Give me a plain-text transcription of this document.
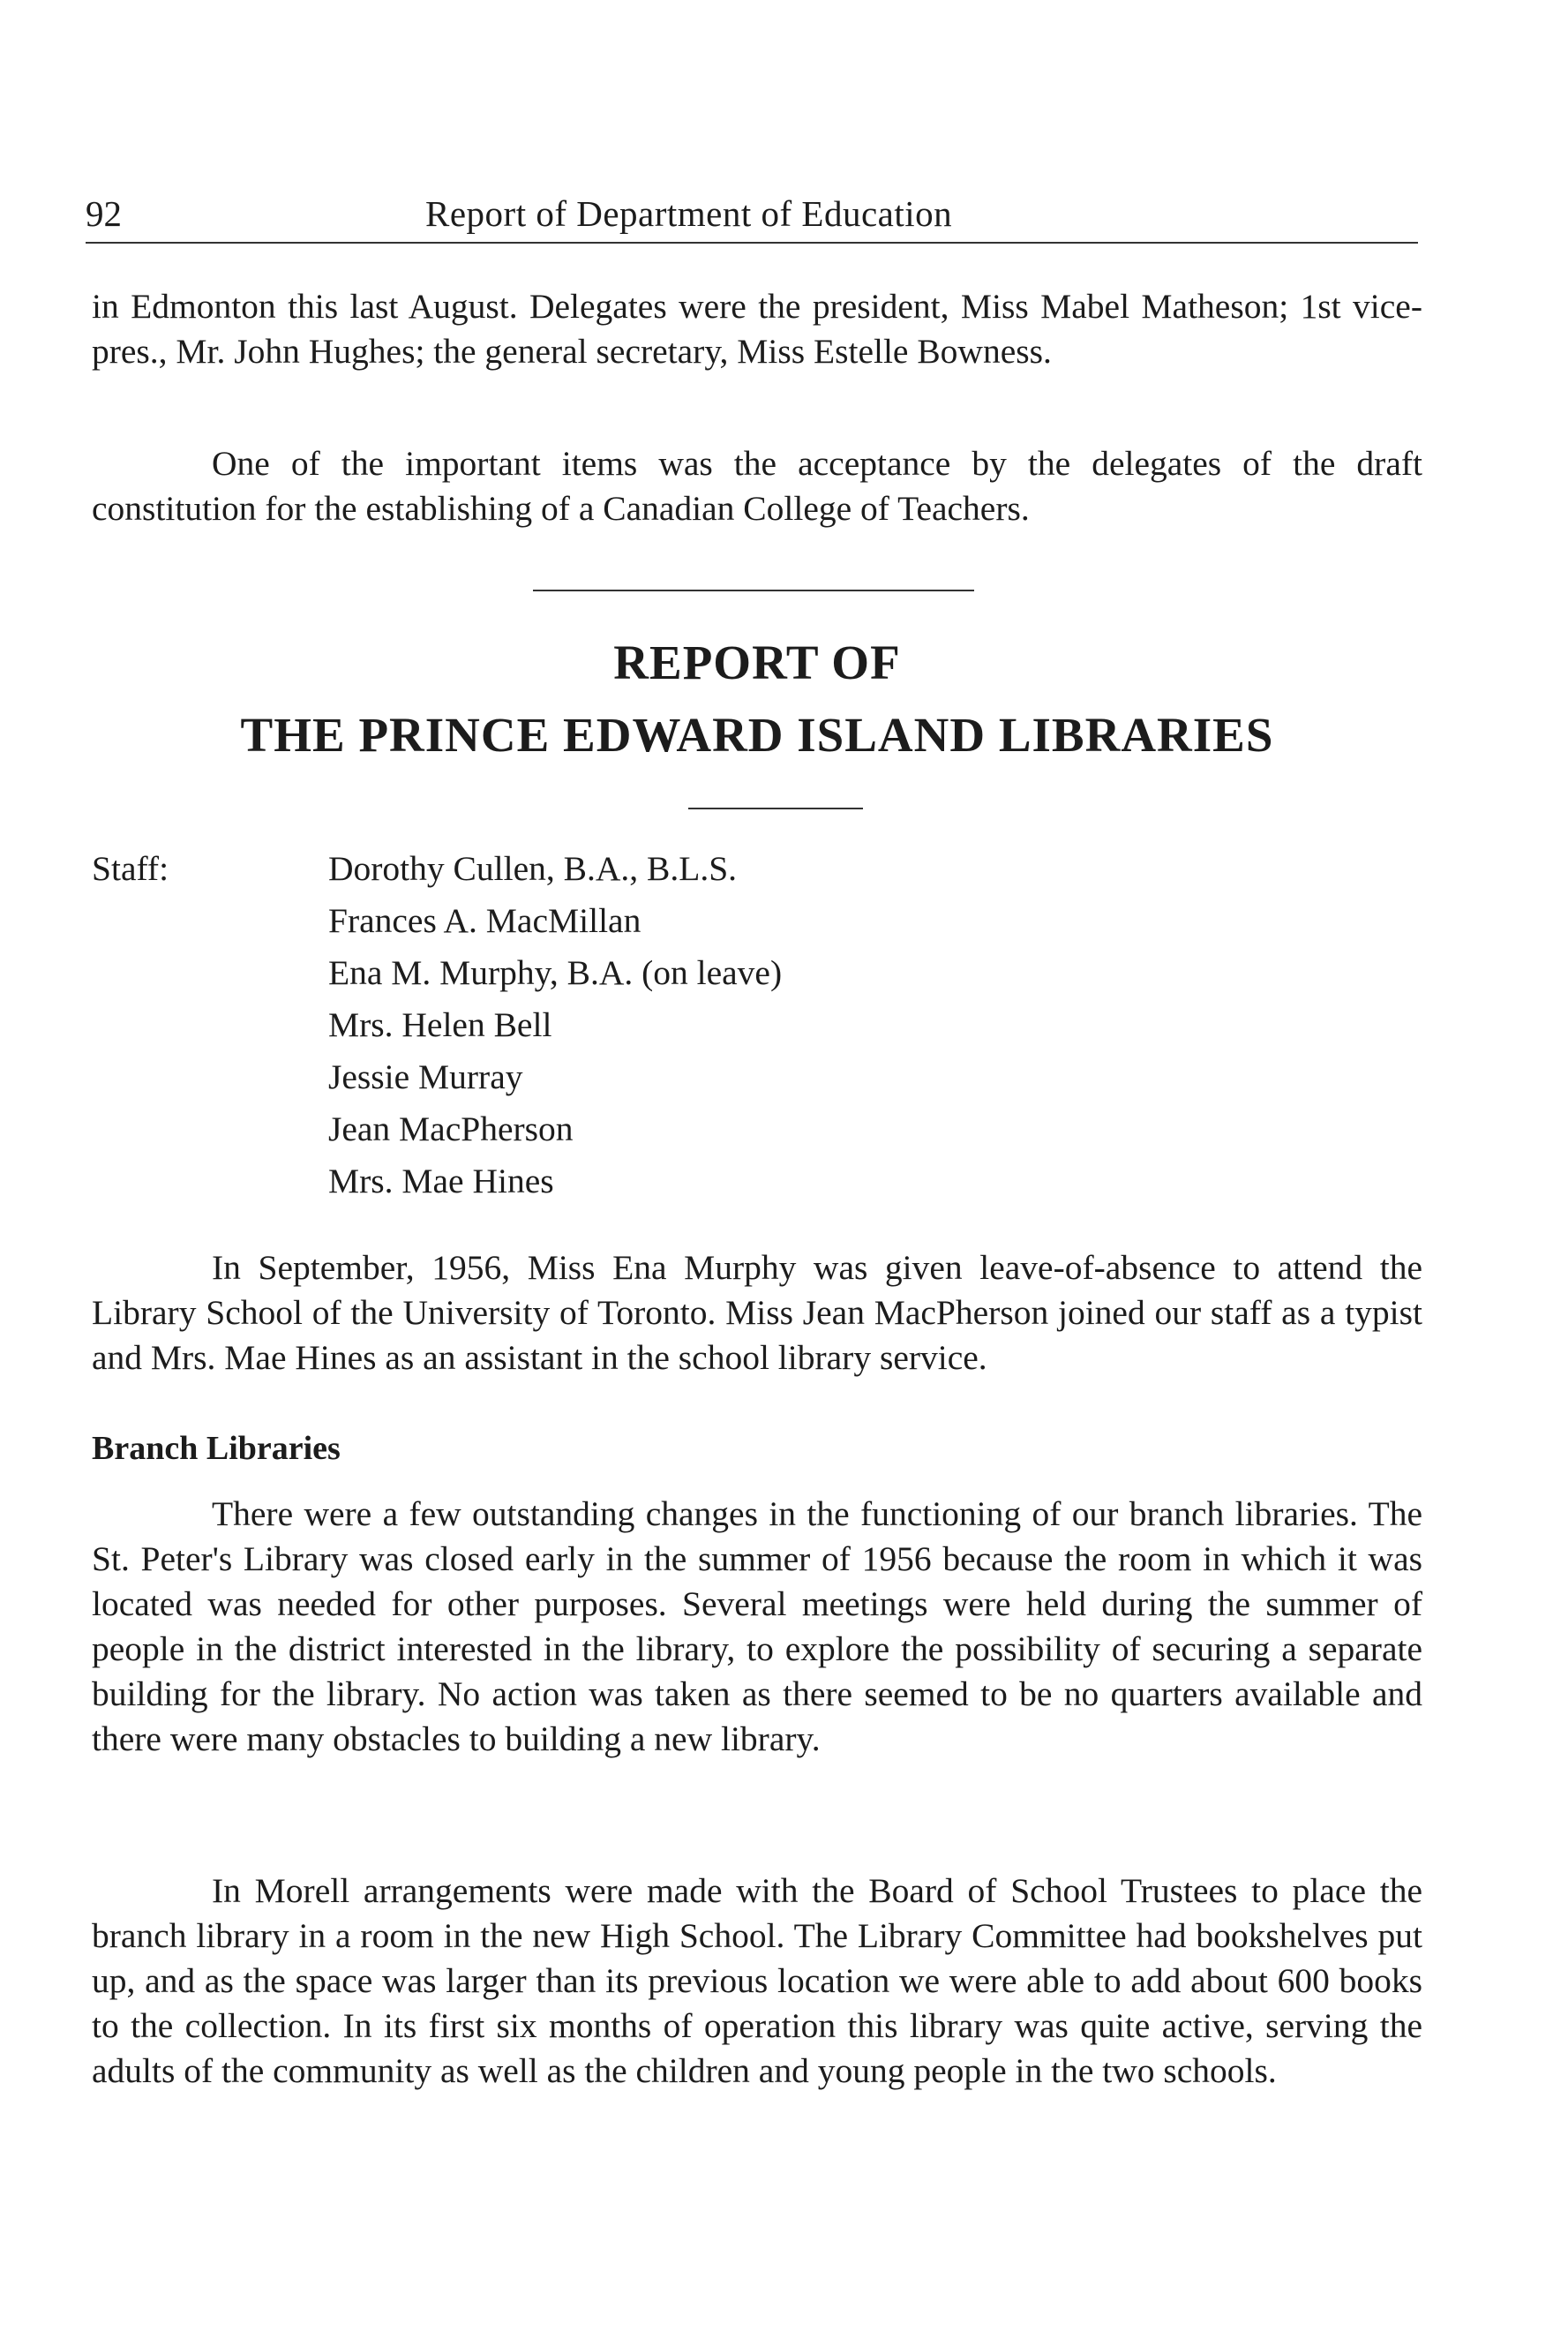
92	Report of Department of Education

in Edmonton this last August. Delegates were the president, Miss Mabel Matheson; 1st vice-pres., Mr. John Hughes; the general secretary, Miss Estelle Bowness.

One of the important items was the acceptance by the delegates of the draft constitution for the establishing of a Canadian College of Teachers.

REPORT OF
THE PRINCE EDWARD ISLAND LIBRARIES
Staff:	Dorothy Cullen, B.A., B.L.S.
Frances A. MacMillan
Ena M. Murphy, B.A. (on leave)
Mrs. Helen Bell
Jessie Murray
Jean MacPherson
Mrs. Mae Hines

In September, 1956, Miss Ena Murphy was given leave-of-absence to attend the Library School of the University of Toronto. Miss Jean MacPherson joined our staff as a typist and Mrs. Mae Hines as an assistant in the school library service.

Branch Libraries

There were a few outstanding changes in the functioning of our branch libraries. The St. Peter's Library was closed early in the summer of 1956 because the room in which it was located was needed for other purposes. Several meetings were held during the summer of people in the district interested in the library, to explore the possibility of securing a separate building for the library. No action was taken as there seemed to be no quarters available and there were many obstacles to building a new library.

In Morell arrangements were made with the Board of School Trustees to place the branch library in a room in the new High School. The Library Committee had bookshelves put up, and as the space was larger than its previous location we were able to add about 600 books to the collection. In its first six months of operation this library was quite active, serving the adults of the community as well as the children and young people in the two schools.
